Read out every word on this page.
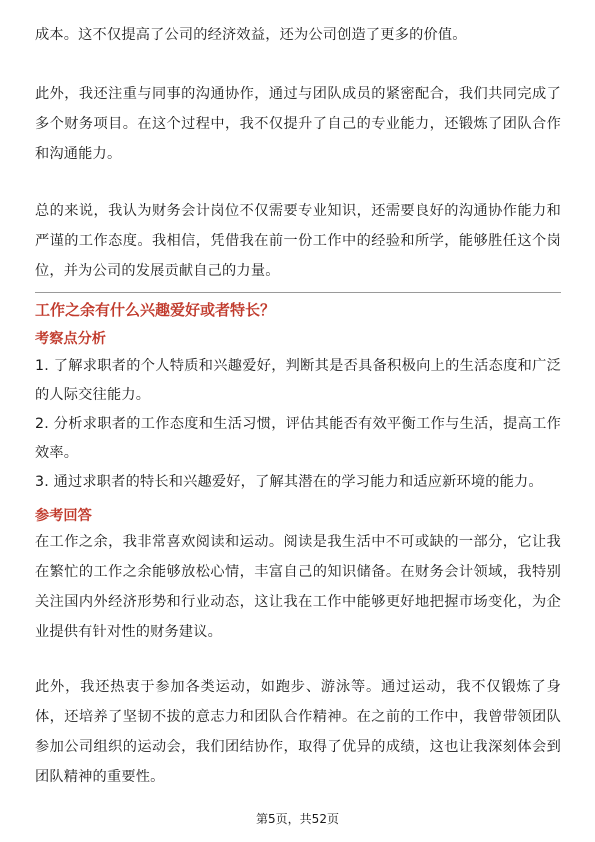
成本。这不仅提高了公司的经济效益，还为公司创造了更多的价值。

此外，我还注重与同事的沟通协作，通过与团队成员的紧密配合，我们共同完成了多个财务项目。在这个过程中，我不仅提升了自己的专业能力，还锻炼了团队合作和沟通能力。

总的来说，我认为财务会计岗位不仅需要专业知识，还需要良好的沟通协作能力和严谨的工作态度。我相信，凭借我在前一份工作中的经验和所学，能够胜任这个岗位，并为公司的发展贡献自己的力量。

工作之余有什么兴趣爱好或者特长？
考察点分析

1. 了解求职者的个人特质和兴趣爱好，判断其是否具备积极向上的生活态度和广泛的人际交往能力。

2. 分析求职者的工作态度和生活习惯，评估其能否有效平衡工作与生活，提高工作效率。

3. 通过求职者的特长和兴趣爱好，了解其潜在的学习能力和适应新环境的能力。

参考回答

在工作之余，我非常喜欢阅读和运动。阅读是我生活中不可或缺的一部分，它让我在繁忙的工作之余能够放松心情，丰富自己的知识储备。在财务会计领域，我特别关注国内外经济形势和行业动态，这让我在工作中能够更好地把握市场变化，为企业提供有针对性的财务建议。

此外，我还热衷于参加各类运动，如跑步、游泳等。通过运动，我不仅锻炼了身体，还培养了坚韧不拔的意志力和团队合作精神。在之前的工作中，我曾带领团队参加公司组织的运动会，我们团结协作，取得了优异的成绩，这也让我深刻体会到团队精神的重要性。

第5页，共52页
